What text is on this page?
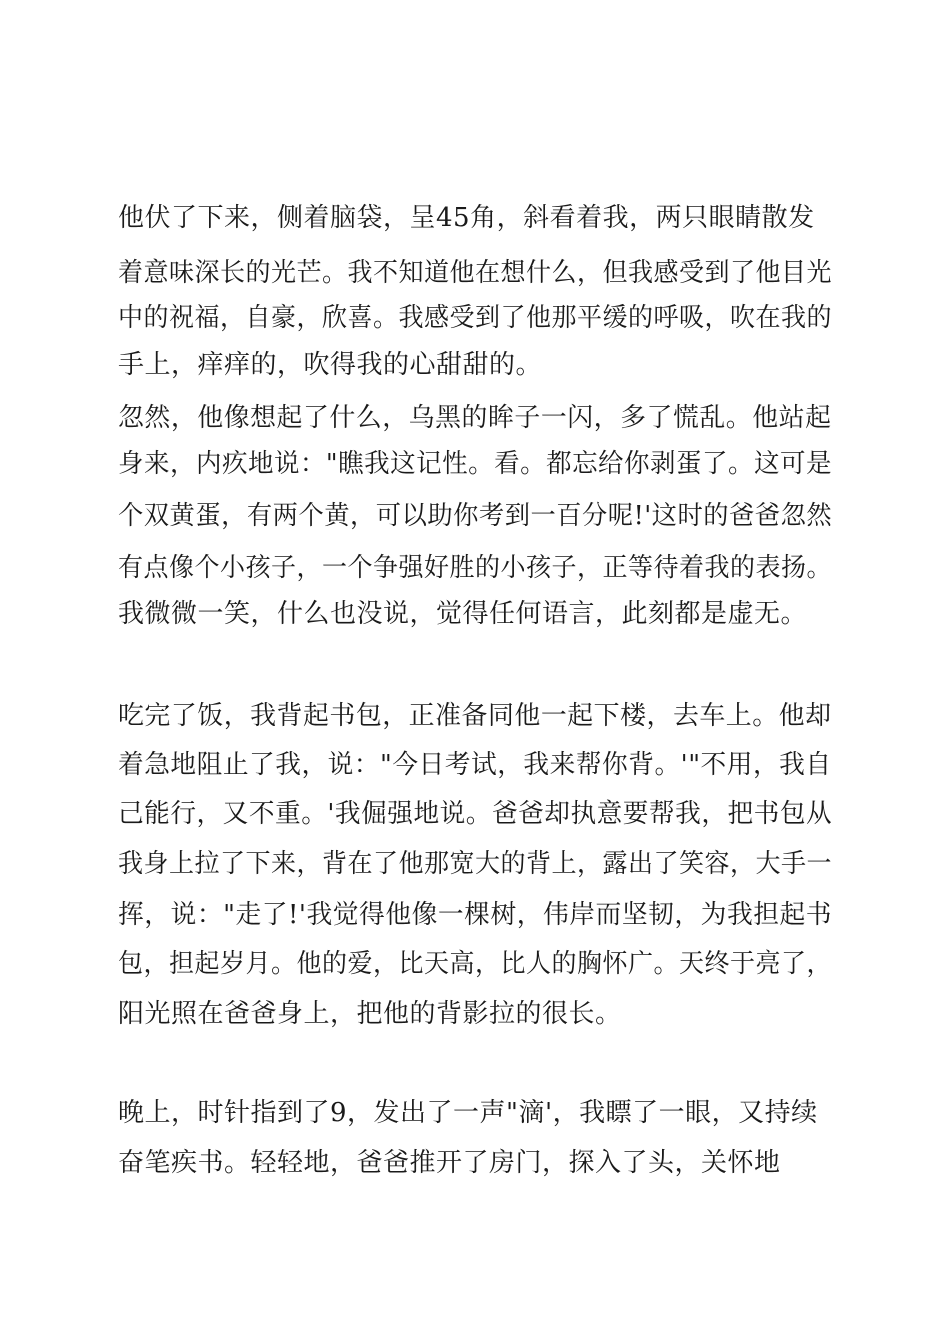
他伏了下来，侧着脑袋，呈45角，斜看着我，两只眼睛散发
着意味深长的光芒。我不知道他在想什么，但我感受到了他目光
中的祝福，自豪，欣喜。我感受到了他那平缓的呼吸，吹在我的
手上，痒痒的，吹得我的心甜甜的。
忽然，他像想起了什么，乌黑的眸子一闪，多了慌乱。他站起
身来，内疚地说："瞧我这记性。看。都忘给你剥蛋了。这可是
个双黄蛋，有两个黄，可以助你考到一百分呢!'这时的爸爸忽然
有点像个小孩子，一个争强好胜的小孩子，正等待着我的表扬。
我微微一笑，什么也没说，觉得任何语言，此刻都是虚无。
吃完了饭，我背起书包，正准备同他一起下楼，去车上。他却
着急地阻止了我，说："今日考试，我来帮你背。'"不用，我自
己能行，又不重。'我倔强地说。爸爸却执意要帮我，把书包从
我身上拉了下来，背在了他那宽大的背上，露出了笑容，大手一
挥，说："走了!'我觉得他像一棵树，伟岸而坚韧，为我担起书
包，担起岁月。他的爱，比天高，比人的胸怀广。天终于亮了，
阳光照在爸爸身上，把他的背影拉的很长。
晚上，时针指到了9，发出了一声"滴'，我瞟了一眼，又持续
奋笔疾书。轻轻地，爸爸推开了房门，探入了头，关怀地
